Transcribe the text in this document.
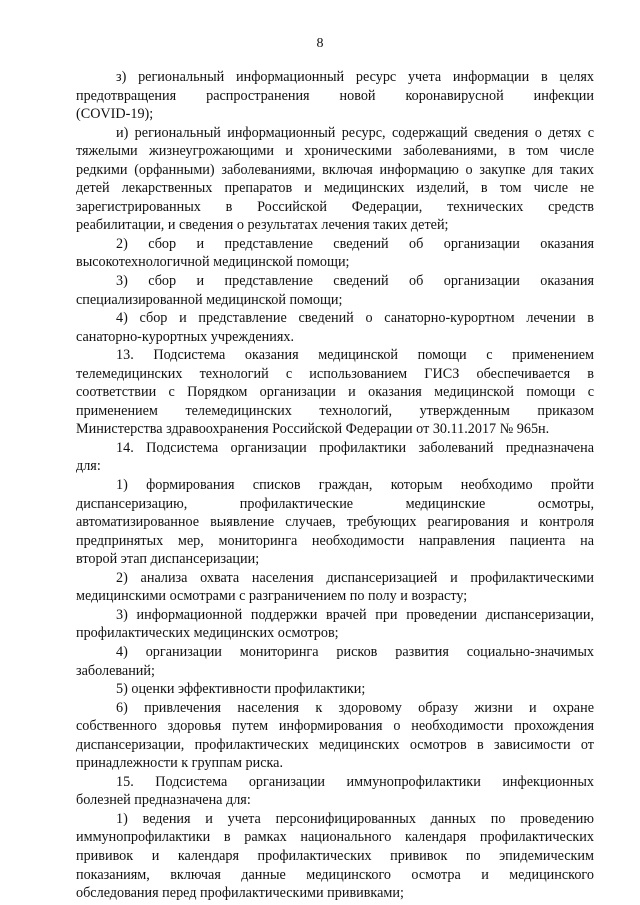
8
з) региональный информационный ресурс учета информации в целях
предотвращения распространения новой коронавирусной инфекции
(COVID-19);
и) региональный информационный ресурс, содержащий сведения о детях с
тяжелыми жизнеугрожающими и хроническими заболеваниями, в том числе
редкими (орфанными) заболеваниями, включая информацию о закупке для таких
детей лекарственных препаратов и медицинских изделий, в том числе не
зарегистрированных в Российской Федерации, технических средств
реабилитации, и сведения о результатах лечения таких детей;
2) сбор и представление сведений об организации оказания
высокотехнологичной медицинской помощи;
3) сбор и представление сведений об организации оказания
специализированной медицинской помощи;
4) сбор и представление сведений о санаторно-курортном лечении в
санаторно-курортных учреждениях.
13. Подсистема оказания медицинской помощи с применением
телемедицинских технологий с использованием ГИСЗ обеспечивается в
соответствии с Порядком организации и оказания медицинской помощи с
применением телемедицинских технологий, утвержденным приказом
Министерства здравоохранения Российской Федерации от 30.11.2017 № 965н.
14. Подсистема организации профилактики заболеваний предназначена
для:
1) формирования списков граждан, которым необходимо пройти
диспансеризацию, профилактические медицинские осмотры,
автоматизированное выявление случаев, требующих реагирования и контроля
предпринятых мер, мониторинга необходимости направления пациента на
второй этап диспансеризации;
2) анализа охвата населения диспансеризацией и профилактическими
медицинскими осмотрами с разграничением по полу и возрасту;
3) информационной поддержки врачей при проведении диспансеризации,
профилактических медицинских осмотров;
4) организации мониторинга рисков развития социально-значимых
заболеваний;
5) оценки эффективности профилактики;
6) привлечения населения к здоровому образу жизни и охране
собственного здоровья путем информирования о необходимости прохождения
диспансеризации, профилактических медицинских осмотров в зависимости от
принадлежности к группам риска.
15. Подсистема организации иммунопрофилактики инфекционных
болезней предназначена для:
1) ведения и учета персонифицированных данных по проведению
иммунопрофилактики в рамках национального календаря профилактических
прививок и календаря профилактических прививок по эпидемическим
показаниям, включая данные медицинского осмотра и медицинского
обследования перед профилактическими прививками;
